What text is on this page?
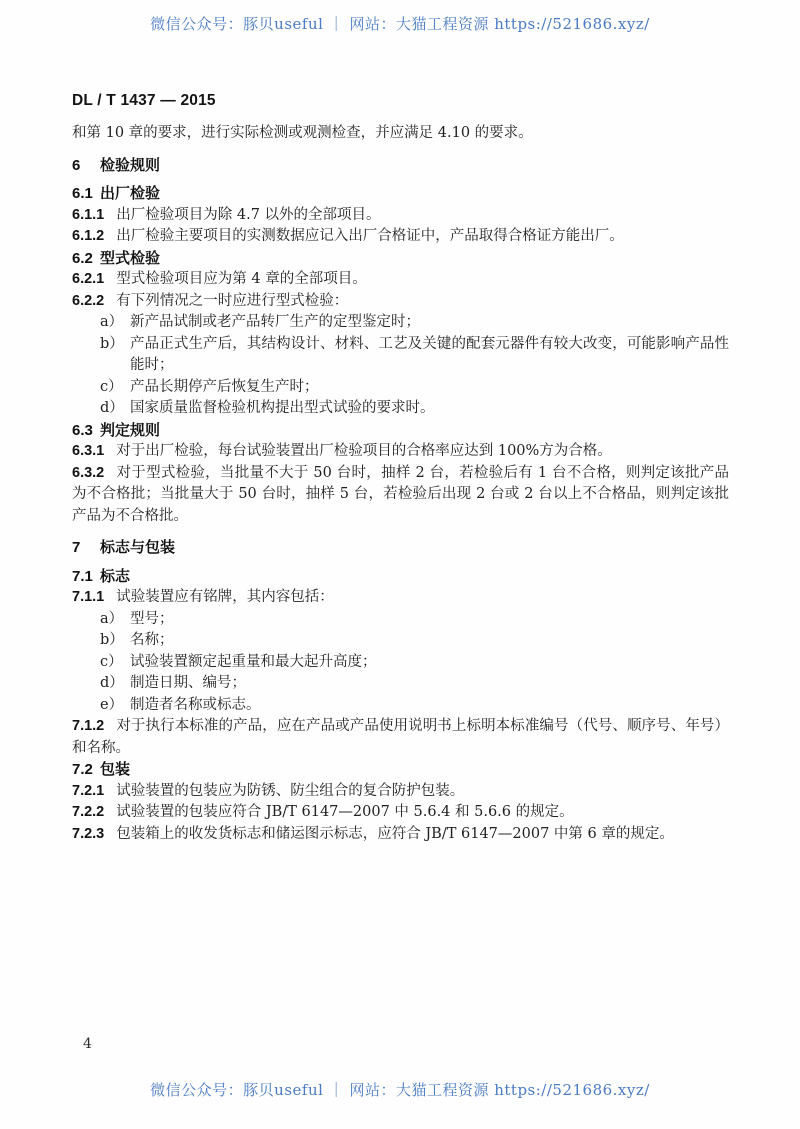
微信公众号：豚贝useful ｜ 网站：大猫工程资源 https://521686.xyz/
DL / T 1437 — 2015
和第 10 章的要求，进行实际检测或观测检查，并应满足 4.10 的要求。
6 检验规则
6.1 出厂检验
6.1.1 出厂检验项目为除 4.7 以外的全部项目。
6.1.2 出厂检验主要项目的实测数据应记入出厂合格证中，产品取得合格证方能出厂。
6.2 型式检验
6.2.1 型式检验项目应为第 4 章的全部项目。
6.2.2 有下列情况之一时应进行型式检验：
a） 新产品试制或老产品转厂生产的定型鉴定时；
b） 产品正式生产后，其结构设计、材料、工艺及关键的配套元器件有较大改变，可能影响产品性能时；
c） 产品长期停产后恢复生产时；
d） 国家质量监督检验机构提出型式试验的要求时。
6.3 判定规则
6.3.1 对于出厂检验，每台试验装置出厂检验项目的合格率应达到 100%方为合格。
6.3.2 对于型式检验，当批量不大于 50 台时，抽样 2 台，若检验后有 1 台不合格，则判定该批产品为不合格批；当批量大于 50 台时，抽样 5 台，若检验后出现 2 台或 2 台以上不合格品，则判定该批产品为不合格批。
7 标志与包装
7.1 标志
7.1.1 试验装置应有铭牌，其内容包括：
a） 型号；
b） 名称；
c） 试验装置额定起重量和最大起升高度；
d） 制造日期、编号；
e） 制造者名称或标志。
7.1.2 对于执行本标准的产品，应在产品或产品使用说明书上标明本标准编号（代号、顺序号、年号）和名称。
7.2 包装
7.2.1 试验装置的包装应为防锈、防尘组合的复合防护包装。
7.2.2 试验装置的包装应符合 JB/T 6147—2007 中 5.6.4 和 5.6.6 的规定。
7.2.3 包装箱上的收发货标志和储运图示标志，应符合 JB/T 6147—2007 中第 6 章的规定。
4
微信公众号：豚贝useful ｜ 网站：大猫工程资源 https://521686.xyz/
